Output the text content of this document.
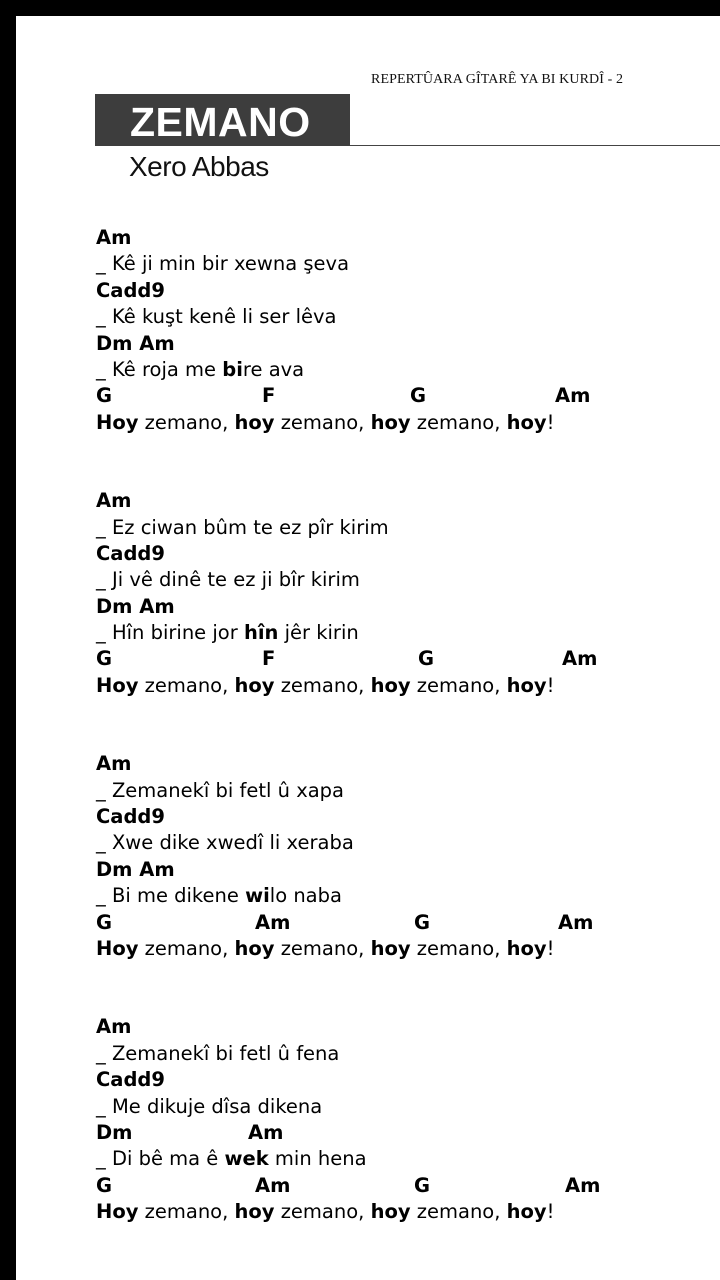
REPERTÛARA GÎTARÊ YA BI KURDÎ - 2
ZEMANO
Xero Abbas
Am
_ Kê ji min bir xewna şeva
Cadd9
_ Kê kuşt kenê li ser lêva
Dm Am
_ Kê roja me bire ava
G	F	G	Am
Hoy zemano, hoy zemano, hoy zemano, hoy!
Am
_ Ez ciwan bûm te ez pîr kirim
Cadd9
_ Ji vê dinê te ez ji bîr kirim
Dm Am
_ Hîn birine jor hîn jêr kirin
G	F	G	Am
Hoy zemano, hoy zemano, hoy zemano, hoy!
Am
_ Zemanekî bi fetl û xapa
Cadd9
_ Xwe dike xwedî li xeraba
Dm Am
_ Bi me dikene wilo naba
G	Am	G	Am
Hoy zemano, hoy zemano, hoy zemano, hoy!
Am
_ Zemanekî bi fetl û fena
Cadd9
_ Me dikuje dîsa dikena
Dm	Am
_ Di bê ma ê wek min hena
G	Am	G	Am
Hoy zemano, hoy zemano, hoy zemano, hoy!
